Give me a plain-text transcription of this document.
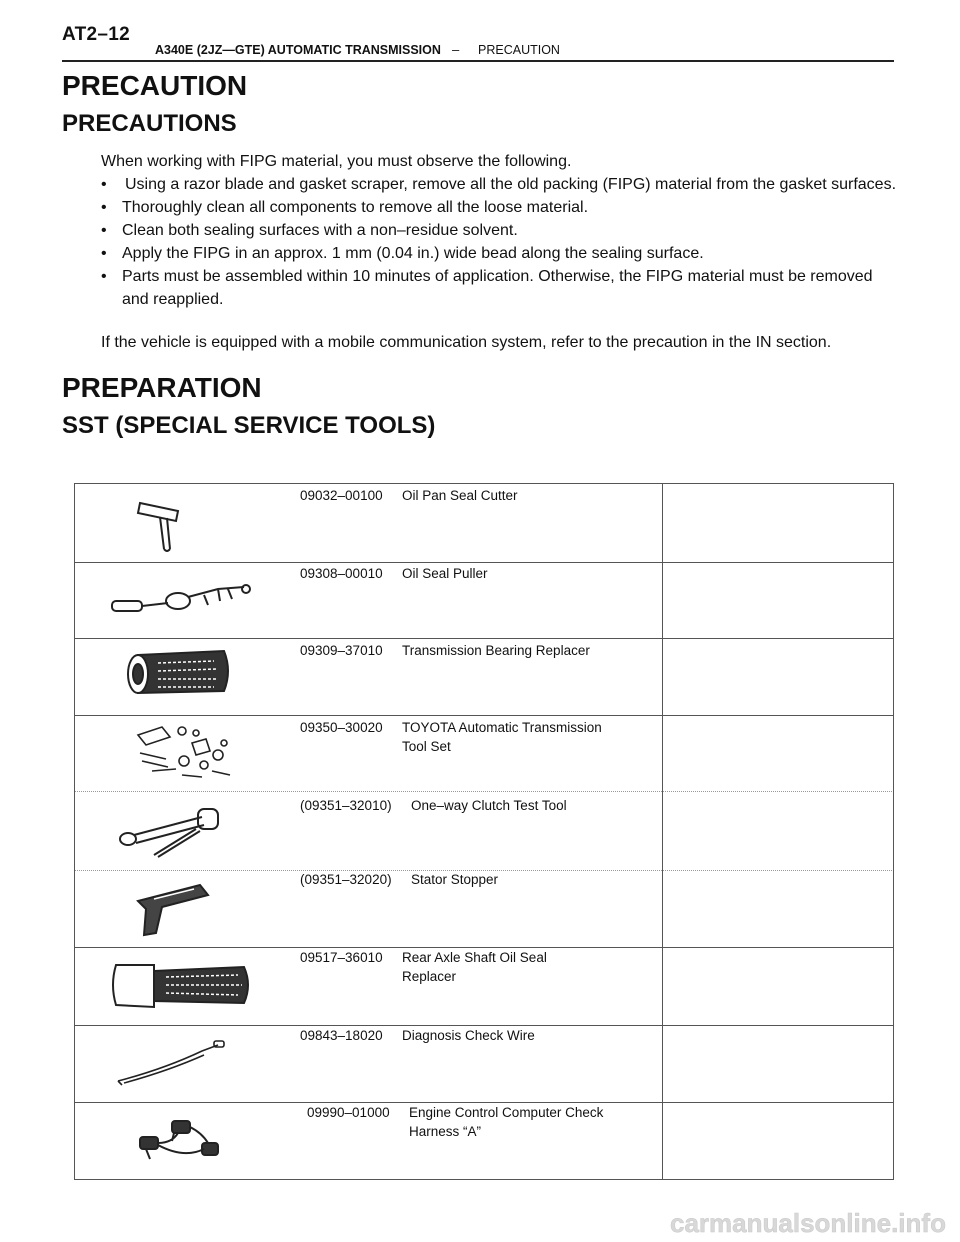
AT2–12
A340E (2JZ—GTE) AUTOMATIC TRANSMISSION – PRECAUTION
PRECAUTION
PRECAUTIONS
When working with FIPG material, you must observe the following.
• Using a razor blade and gasket scraper, remove all the old packing (FIPG) material from the gasket surfaces.
• Thoroughly clean all components to remove all the loose material.
• Clean both sealing surfaces with a non–residue solvent.
• Apply the FIPG in an approx. 1 mm (0.04 in.) wide bead along the sealing surface.
• Parts must be assembled within 10 minutes of application. Otherwise, the FIPG material must be removed and reapplied.
If the vehicle is equipped with a mobile communication system, refer to the precaution in the IN section.
PREPARATION
SST (SPECIAL SERVICE TOOLS)
09032–00100 Oil Pan Seal Cutter
09308–00010 Oil Seal Puller
09309–37010 Transmission Bearing Replacer
09350–30020 TOYOTA Automatic Transmission
Tool Set
(09351–32010) One–way Clutch Test Tool
(09351–32020) Stator Stopper
09517–36010 Rear Axle Shaft Oil Seal
Replacer
09843–18020 Diagnosis Check Wire
09990–01000 Engine Control Computer Check
Harness “A”
carmanualsonline.info
